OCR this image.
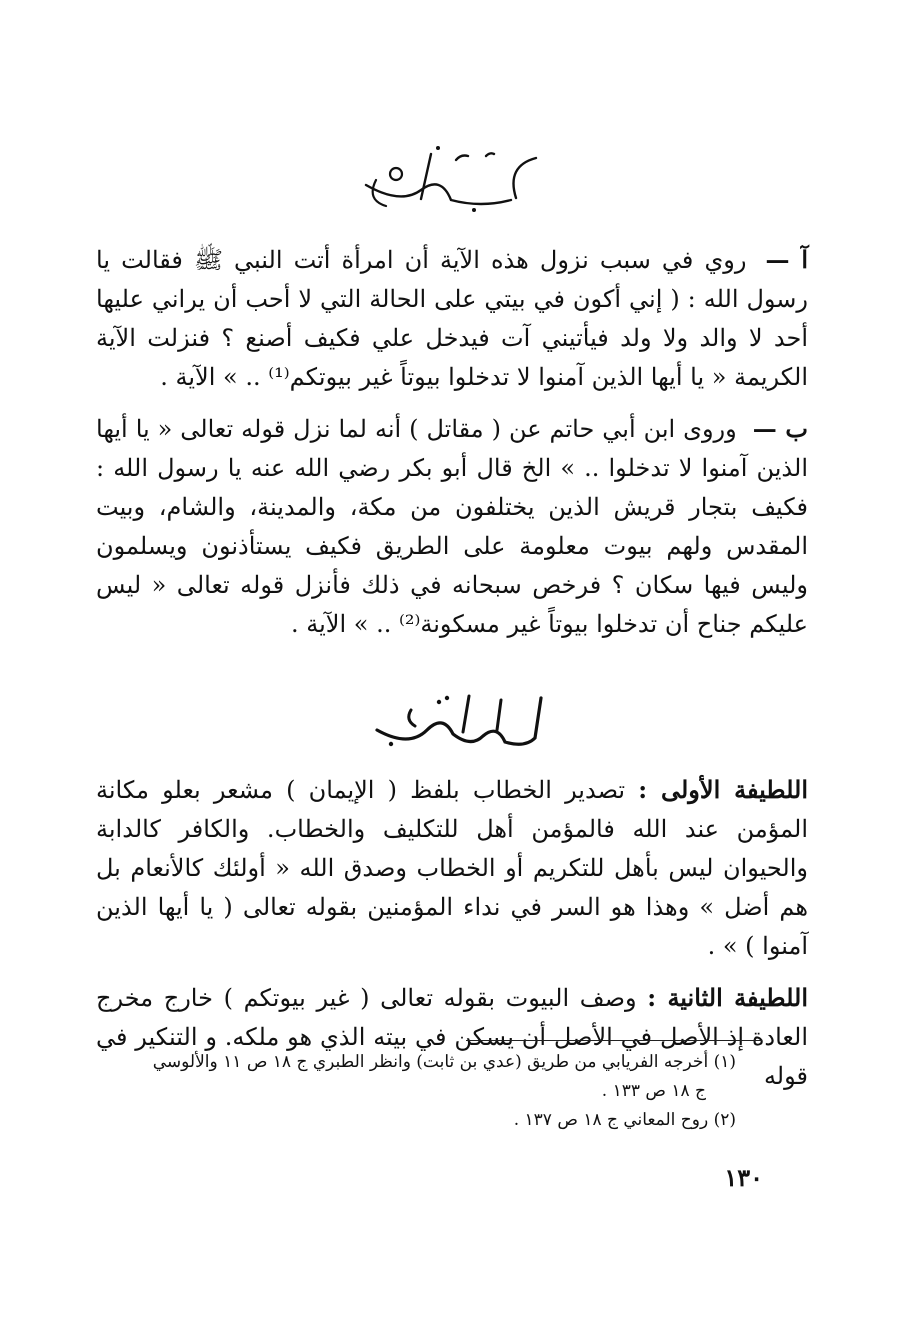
آ — روي في سبب نزول هذه الآية أن امرأة أتت النبي ﷺ فقالت يا رسول الله : ( إني أكون في بيتي على الحالة التي لا أحب أن يراني عليها أحد لا والد ولا ولد فيأتيني آت فيدخل علي فكيف أصنع ؟ فنزلت الآية الكريمة « يا أيها الذين آمنوا لا تدخلوا بيوتاً غير بيوتكم⁽¹⁾ .. » الآية .

ب — وروى ابن أبي حاتم عن ( مقاتل ) أنه لما نزل قوله تعالى « يا أيها الذين آمنوا لا تدخلوا .. » الخ قال أبو بكر رضي الله عنه يا رسول الله : فكيف بتجار قريش الذين يختلفون من مكة، والمدينة، والشام، وبيت المقدس ولهم بيوت معلومة على الطريق فكيف يستأذنون ويسلمون وليس فيها سكان ؟ فرخص سبحانه في ذلك فأنزل قوله تعالى « ليس عليكم جناح أن تدخلوا بيوتاً غير مسكونة⁽²⁾ .. » الآية .

اللطيفة الأولى : تصدير الخطاب بلفظ ( الإيمان ) مشعر بعلو مكانة المؤمن عند الله فالمؤمن أهل للتكليف والخطاب. والكافر كالدابة والحيوان ليس بأهل للتكريم أو الخطاب وصدق الله « أولئك كالأنعام بل هم أضل » وهذا هو السر في نداء المؤمنين بقوله تعالى ( يا أيها الذين آمنوا ) » .

اللطيفة الثانية : وصف البيوت بقوله تعالى ( غير بيوتكم ) خارج مخرج العادة إذ الأصل في الأصل أن يسكن في بيته الذي هو ملكه. و التنكير في قوله

(١) أخرجه الفريابي من طريق (عدي بن ثابت) وانظر الطبري ج ١٨ ص ١١ والألوسي

ج ١٨ ص ١٣٣ .

(٢) روح المعاني ج ١٨ ص ١٣٧ .

١٣٠
